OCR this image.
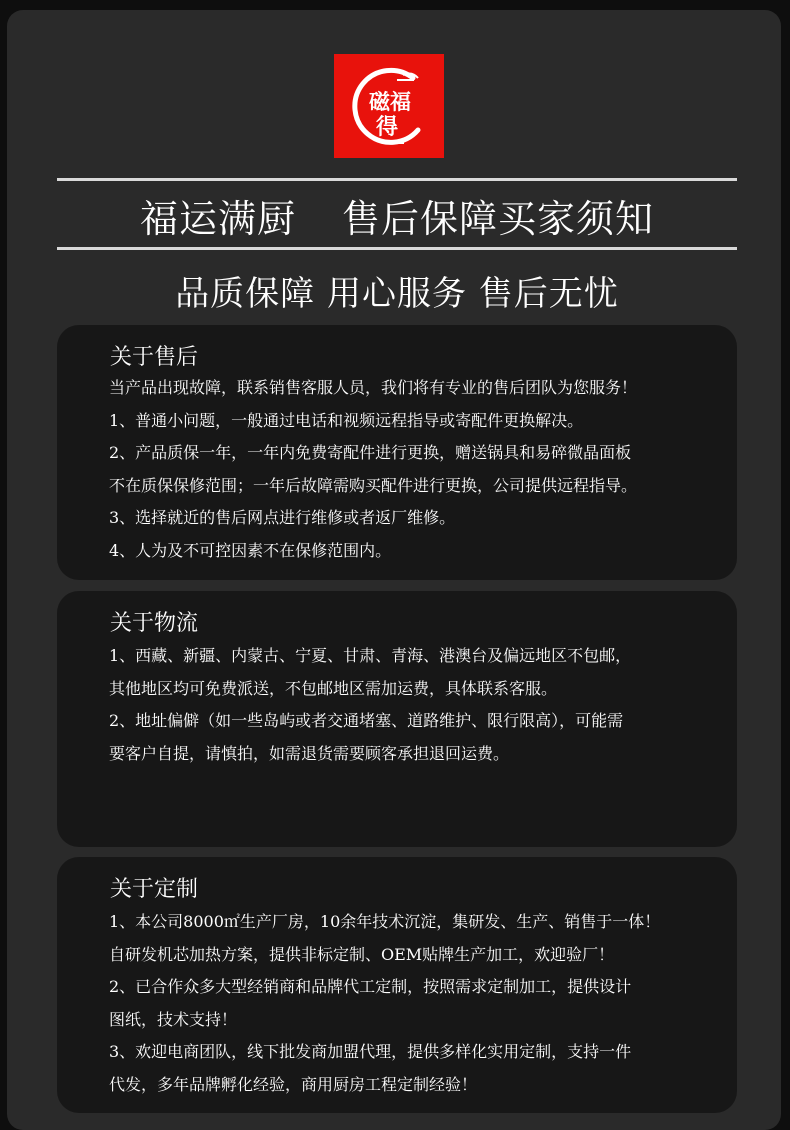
磁福
得
福运满厨 售后保障买家须知
品质保障 用心服务 售后无忧
关于售后
当产品出现故障，联系销售客服人员，我们将有专业的售后团队为您服务！
1、普通小问题，一般通过电话和视频远程指导或寄配件更换解决。
2、产品质保一年，一年内免费寄配件进行更换，赠送锅具和易碎微晶面板
不在质保保修范围；一年后故障需购买配件进行更换，公司提供远程指导。
3、选择就近的售后网点进行维修或者返厂维修。
4、人为及不可控因素不在保修范围内。
关于物流
1、西藏、新疆、内蒙古、宁夏、甘肃、青海、港澳台及偏远地区不包邮，
其他地区均可免费派送，不包邮地区需加运费，具体联系客服。
2、地址偏僻（如一些岛屿或者交通堵塞、道路维护、限行限高），可能需
要客户自提，请慎拍，如需退货需要顾客承担退回运费。
关于定制
1、本公司8000㎡生产厂房，10余年技术沉淀，集研发、生产、销售于一体！
自研发机芯加热方案，提供非标定制、OEM贴牌生产加工，欢迎验厂！
2、已合作众多大型经销商和品牌代工定制，按照需求定制加工，提供设计
图纸，技术支持！
3、欢迎电商团队，线下批发商加盟代理，提供多样化实用定制，支持一件
代发，多年品牌孵化经验，商用厨房工程定制经验！
